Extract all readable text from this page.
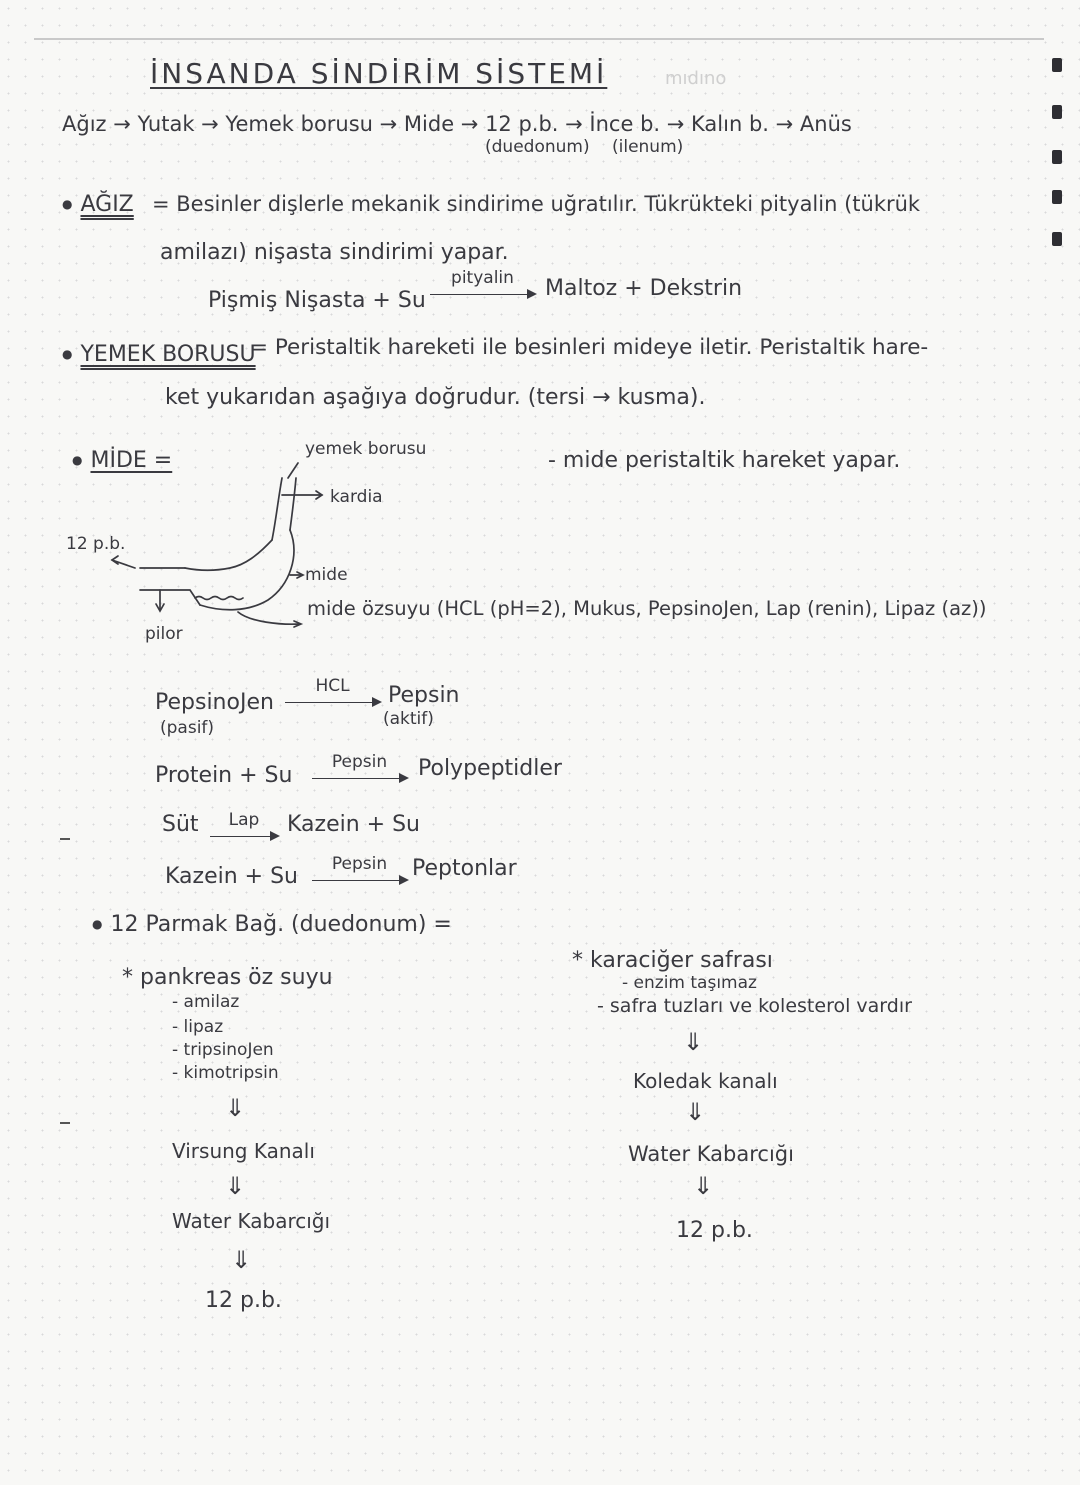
İNSANDA SİNDİRİM SİSTEMİ	mıdıno
Ağız → Yutak → Yemek borusu → Mide → 12 p.b. → İnce b. → Kalın b. → Anüs
(duedonum) (ilenum)
● AĞIZ = Besinler dişlerle mekanik sindirime uğratılır. Tükrükteki pityalin (tükrük
amilazı) nişasta sindirimi yapar.
Pişmiş Nişasta + Su
pityalin	Maltoz + Dekstrin
● YEMEK BORUSU
= Peristaltik hareketi ile besinleri mideye iletir. Peristaltik hare-
ket yukarıdan aşağıya doğrudur. (tersi → kusma).
● MİDE =	- mide peristaltik hareket yapar.
yemek borusu
kardia
12 p.b.
mide
pilor
mide özsuyu (HCL (pH=2), Mukus, PepsinoJen, Lap (renin), Lipaz (az))
PepsinoJen
(pasif)
HCL	Pepsin
(aktif)
Protein + Su
Pepsin	Polypeptidler
Süt	Lap	Kazein + Su
Kazein + Su	Pepsin	Peptonlar
● 12 Parmak Bağ. (duedonum) =
* pankreas öz suyu
- amilaz
- lipaz
- tripsinoJen
- kimotripsin
⇓
Virsung Kanalı
⇓
Water Kabarcığı
⇓
12 p.b.
* karaciğer safrası
- enzim taşımaz
- safra tuzları ve kolesterol vardır
⇓
Koledak kanalı
⇓
Water Kabarcığı
⇓
12 p.b.
